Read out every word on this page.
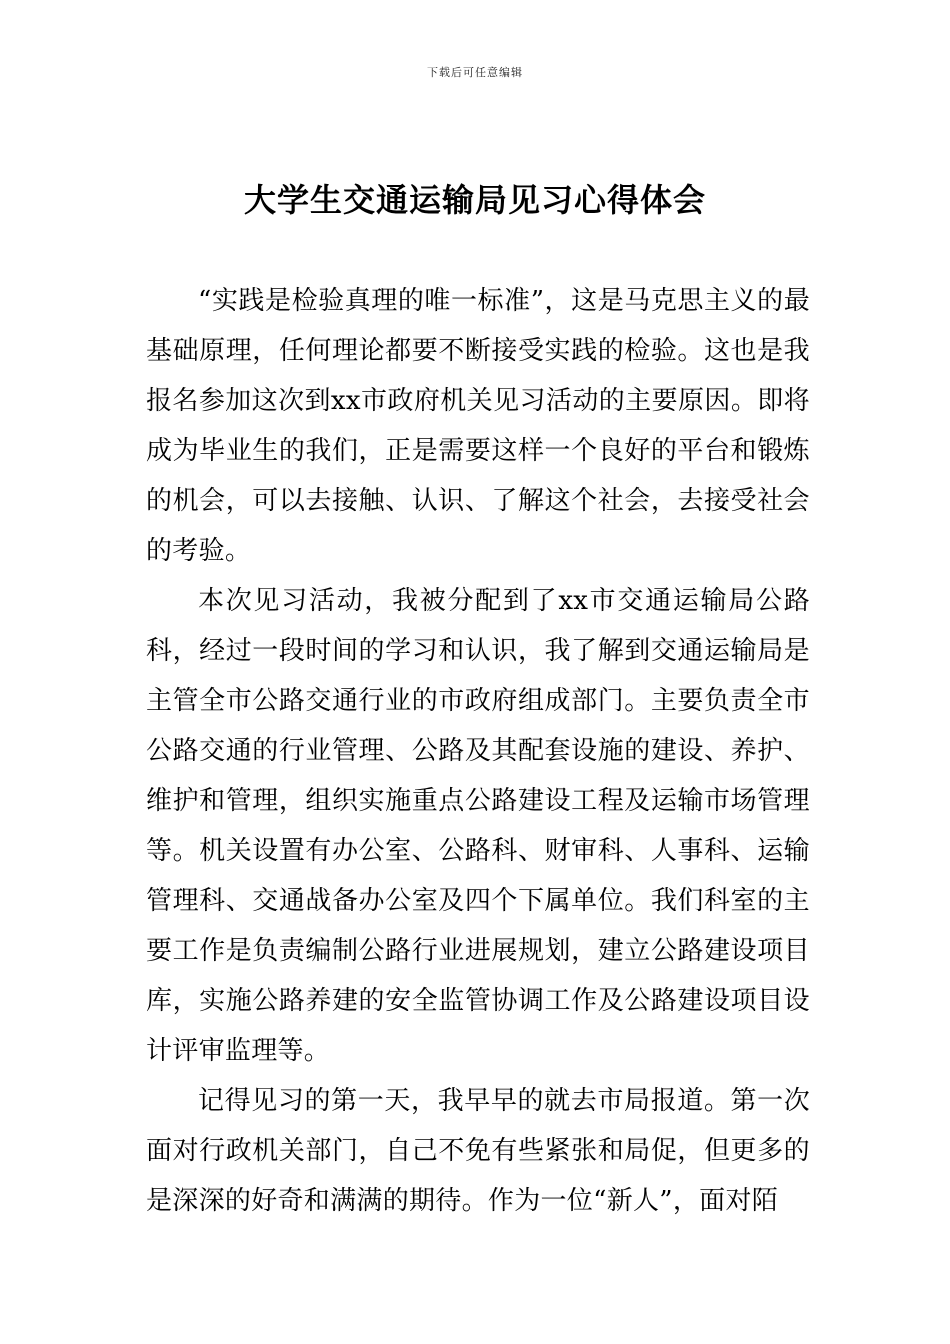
下载后可任意编辑
大学生交通运输局见习心得体会

“实践是检验真理的唯一标准”，这是马克思主义的最基础原理，任何理论都要不断接受实践的检验。这也是我报名参加这次到xx市政府机关见习活动的主要原因。即将成为毕业生的我们，正是需要这样一个良好的平台和锻炼的机会，可以去接触、认识、了解这个社会，去接受社会的考验。

本次见习活动，我被分配到了xx市交通运输局公路科，经过一段时间的学习和认识，我了解到交通运输局是主管全市公路交通行业的市政府组成部门。主要负责全市公路交通的行业管理、公路及其配套设施的建设、养护、维护和管理，组织实施重点公路建设工程及运输市场管理等。机关设置有办公室、公路科、财审科、人事科、运输管理科、交通战备办公室及四个下属单位。我们科室的主要工作是负责编制公路行业进展规划，建立公路建设项目库，实施公路养建的安全监管协调工作及公路建设项目设计评审监理等。

记得见习的第一天，我早早的就去市局报道。第一次面对行政机关部门，自己不免有些紧张和局促，但更多的是深深的好奇和满满的期待。作为一位“新人”，面对陌
